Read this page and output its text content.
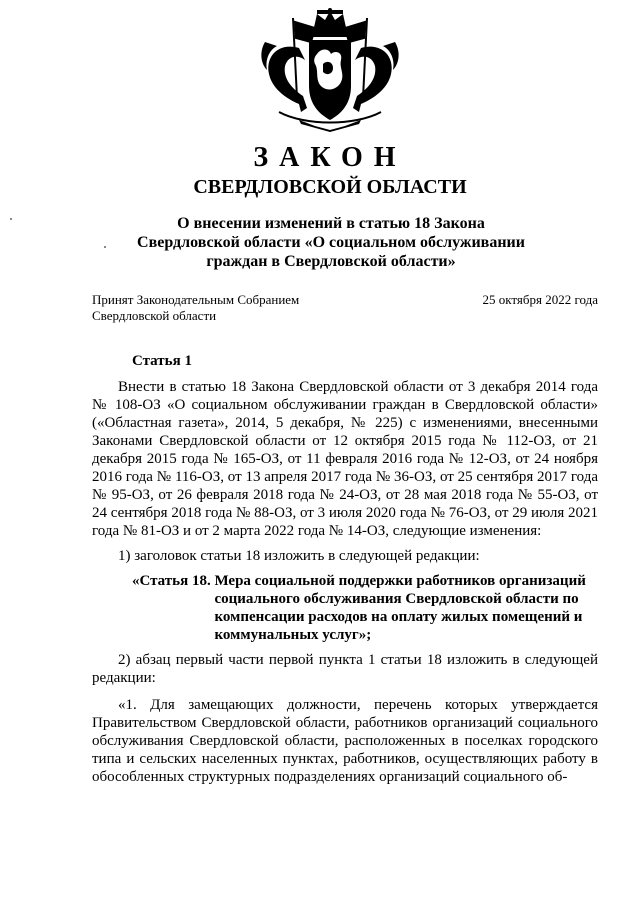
ЗАКОН
СВЕРДЛОВСКОЙ ОБЛАСТИ
О внесении изменений в статью 18 Закона
Свердловской области «О социальном обслуживании
граждан в Свердловской области»
Принят Законодательным Собранием
Свердловской области
25 октября 2022 года

Статья 1

Внести в статью 18 Закона Свердловской области от 3 декабря 2014 года № 108-ОЗ «О социальном обслуживании граждан в Свердловской области» («Областная газета», 2014, 5 декабря, № 225) с изменениями, внесенными Законами Свердловской области от 12 октября 2015 года № 112-ОЗ, от 21 декабря 2015 года № 165-ОЗ, от 11 февраля 2016 года № 12-ОЗ, от 24 ноября 2016 года № 116-ОЗ, от 13 апреля 2017 года № 36-ОЗ, от 25 сентября 2017 года № 95-ОЗ, от 26 февраля 2018 года № 24-ОЗ, от 28 мая 2018 года № 55-ОЗ, от 24 сентября 2018 года № 88-ОЗ, от 3 июля 2020 года № 76-ОЗ, от 29 июля 2021 года № 81-ОЗ и от 2 марта 2022 года № 14-ОЗ, следующие изменения:

1) заголовок статьи 18 изложить в следующей редакции:

«Статья 18. Мера социальной поддержки работников организаций социального обслуживания Свердловской области по компенсации расходов на оплату жилых помещений и коммунальных услуг»;

2) абзац первый части первой пункта 1 статьи 18 изложить в следующей редакции:

«1. Для замещающих должности, перечень которых утверждается Правительством Свердловской области, работников организаций социального обслуживания Свердловской области, расположенных в поселках городского типа и сельских населенных пунктах, работников, осуществляющих работу в обособленных структурных подразделениях организаций социального об-
